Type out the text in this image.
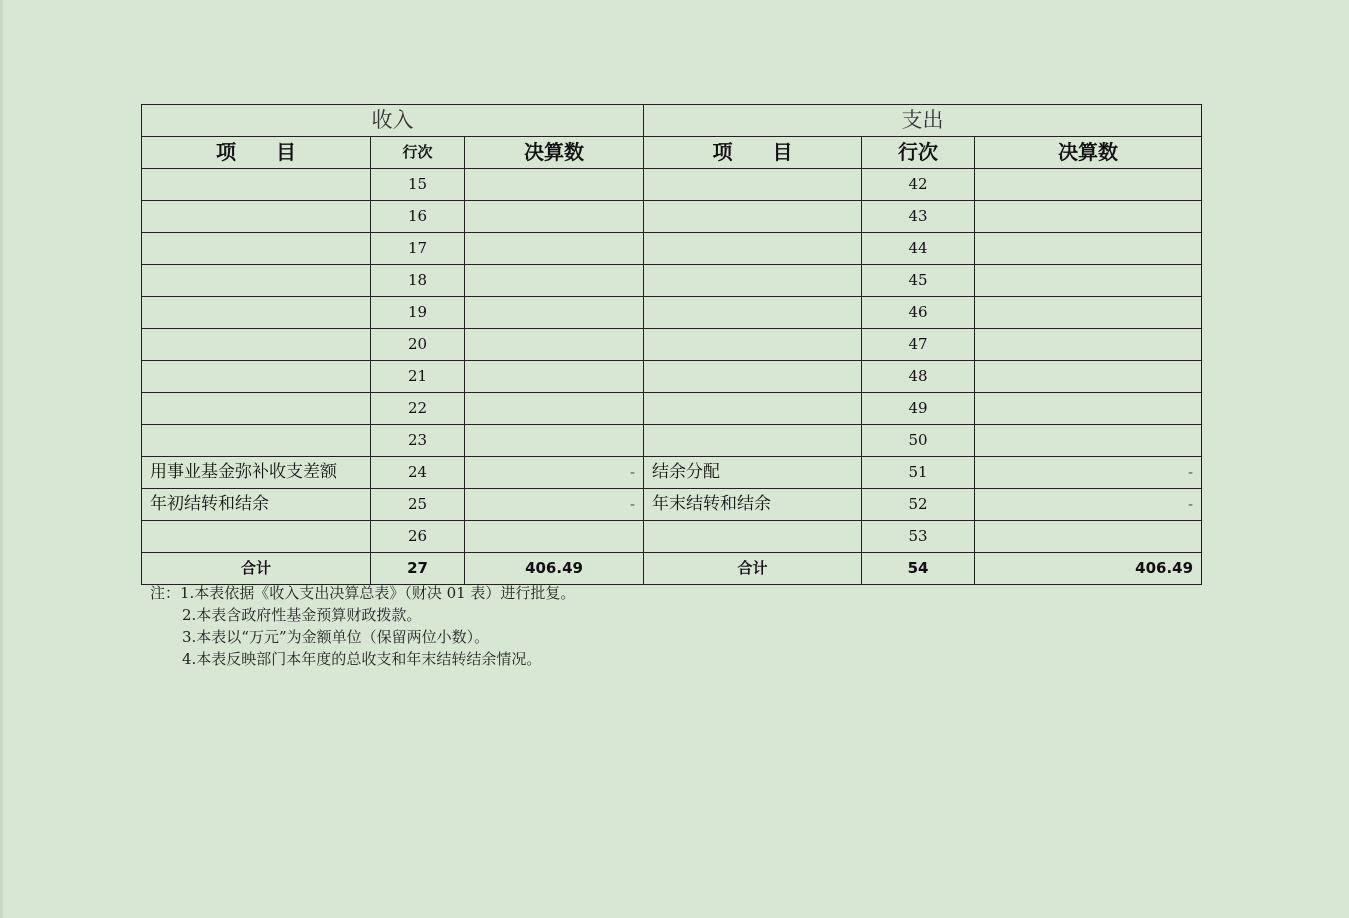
收入			支出		
项目	行次	决算数	项目	行次	决算数
	15			42	
	16			43	
	17			44	
	18			45	
	19			46	
	20			47	
	21			48	
	22			49	
	23			50	
用事业基金弥补收支差额	24	-	结余分配	51	-
年初结转和结余	25	-	年末结转和结余	52	-
	26			53	
合计	27	406.49	合计	54	406.49
注：1.本表依据《收入支出决算总表》（财决 01 表）进行批复。
2.本表含政府性基金预算财政拨款。
3.本表以“万元”为金额单位（保留两位小数）。
4.本表反映部门本年度的总收支和年末结转结余情况。
